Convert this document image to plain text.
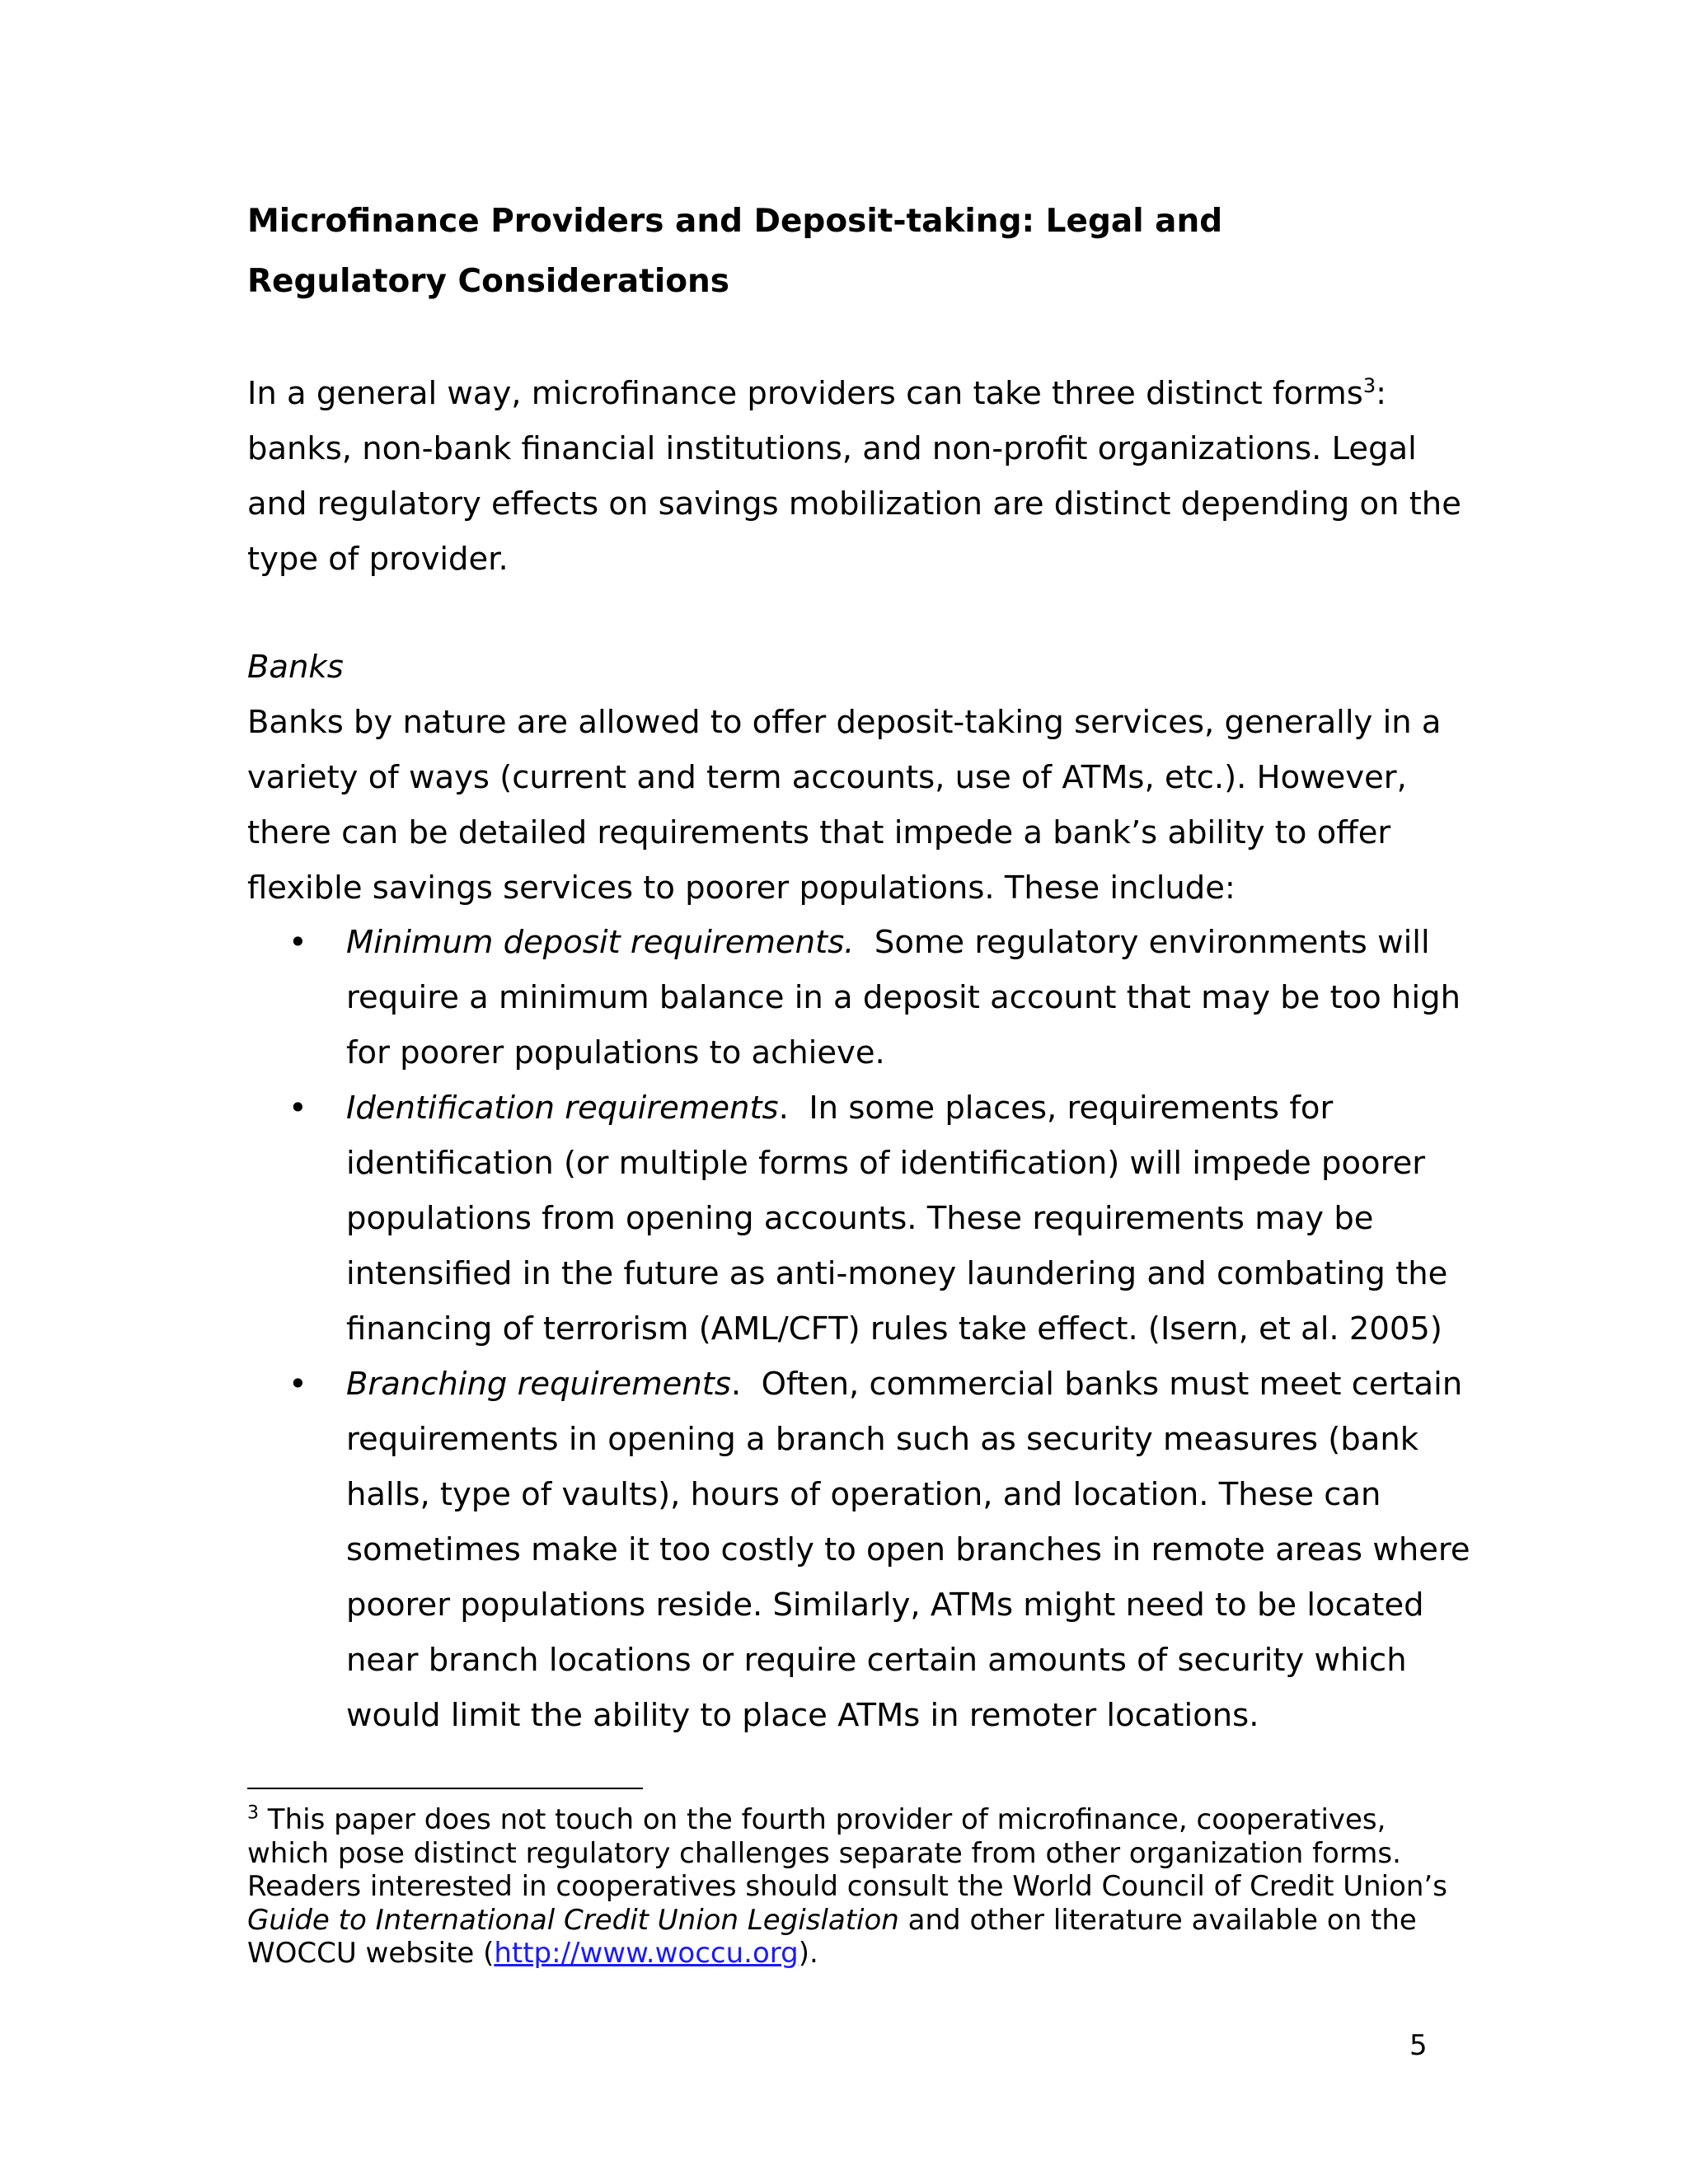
Microfinance Providers and Deposit-taking: Legal and
Regulatory Considerations

In a general way, microfinance providers can take three distinct forms$^3$:
banks, non-bank financial institutions, and non-profit organizations. Legal
and regulatory effects on savings mobilization are distinct depending on the
type of provider.

Banks

Banks by nature are allowed to offer deposit-taking services, generally in a
variety of ways (current and term accounts, use of ATMs, etc.). However,
there can be detailed requirements that impede a bank’s ability to offer
flexible savings services to poorer populations. These include:

• Minimum deposit requirements.  Some regulatory environments will
require a minimum balance in a deposit account that may be too high
for poorer populations to achieve.
• Identification requirements.  In some places, requirements for
identification (or multiple forms of identification) will impede poorer
populations from opening accounts. These requirements may be
intensified in the future as anti-money laundering and combating the
financing of terrorism (AML/CFT) rules take effect. (Isern, et al. 2005)
• Branching requirements.  Often, commercial banks must meet certain
requirements in opening a branch such as security measures (bank
halls, type of vaults), hours of operation, and location. These can
sometimes make it too costly to open branches in remote areas where
poorer populations reside. Similarly, ATMs might need to be located
near branch locations or require certain amounts of security which
would limit the ability to place ATMs in remoter locations.

$^3$ This paper does not touch on the fourth provider of microfinance, cooperatives,
which pose distinct regulatory challenges separate from other organization forms.
Readers interested in cooperatives should consult the World Council of Credit Union’s
Guide to International Credit Union Legislation and other literature available on the
WOCCU website (http://www.woccu.org).

5
